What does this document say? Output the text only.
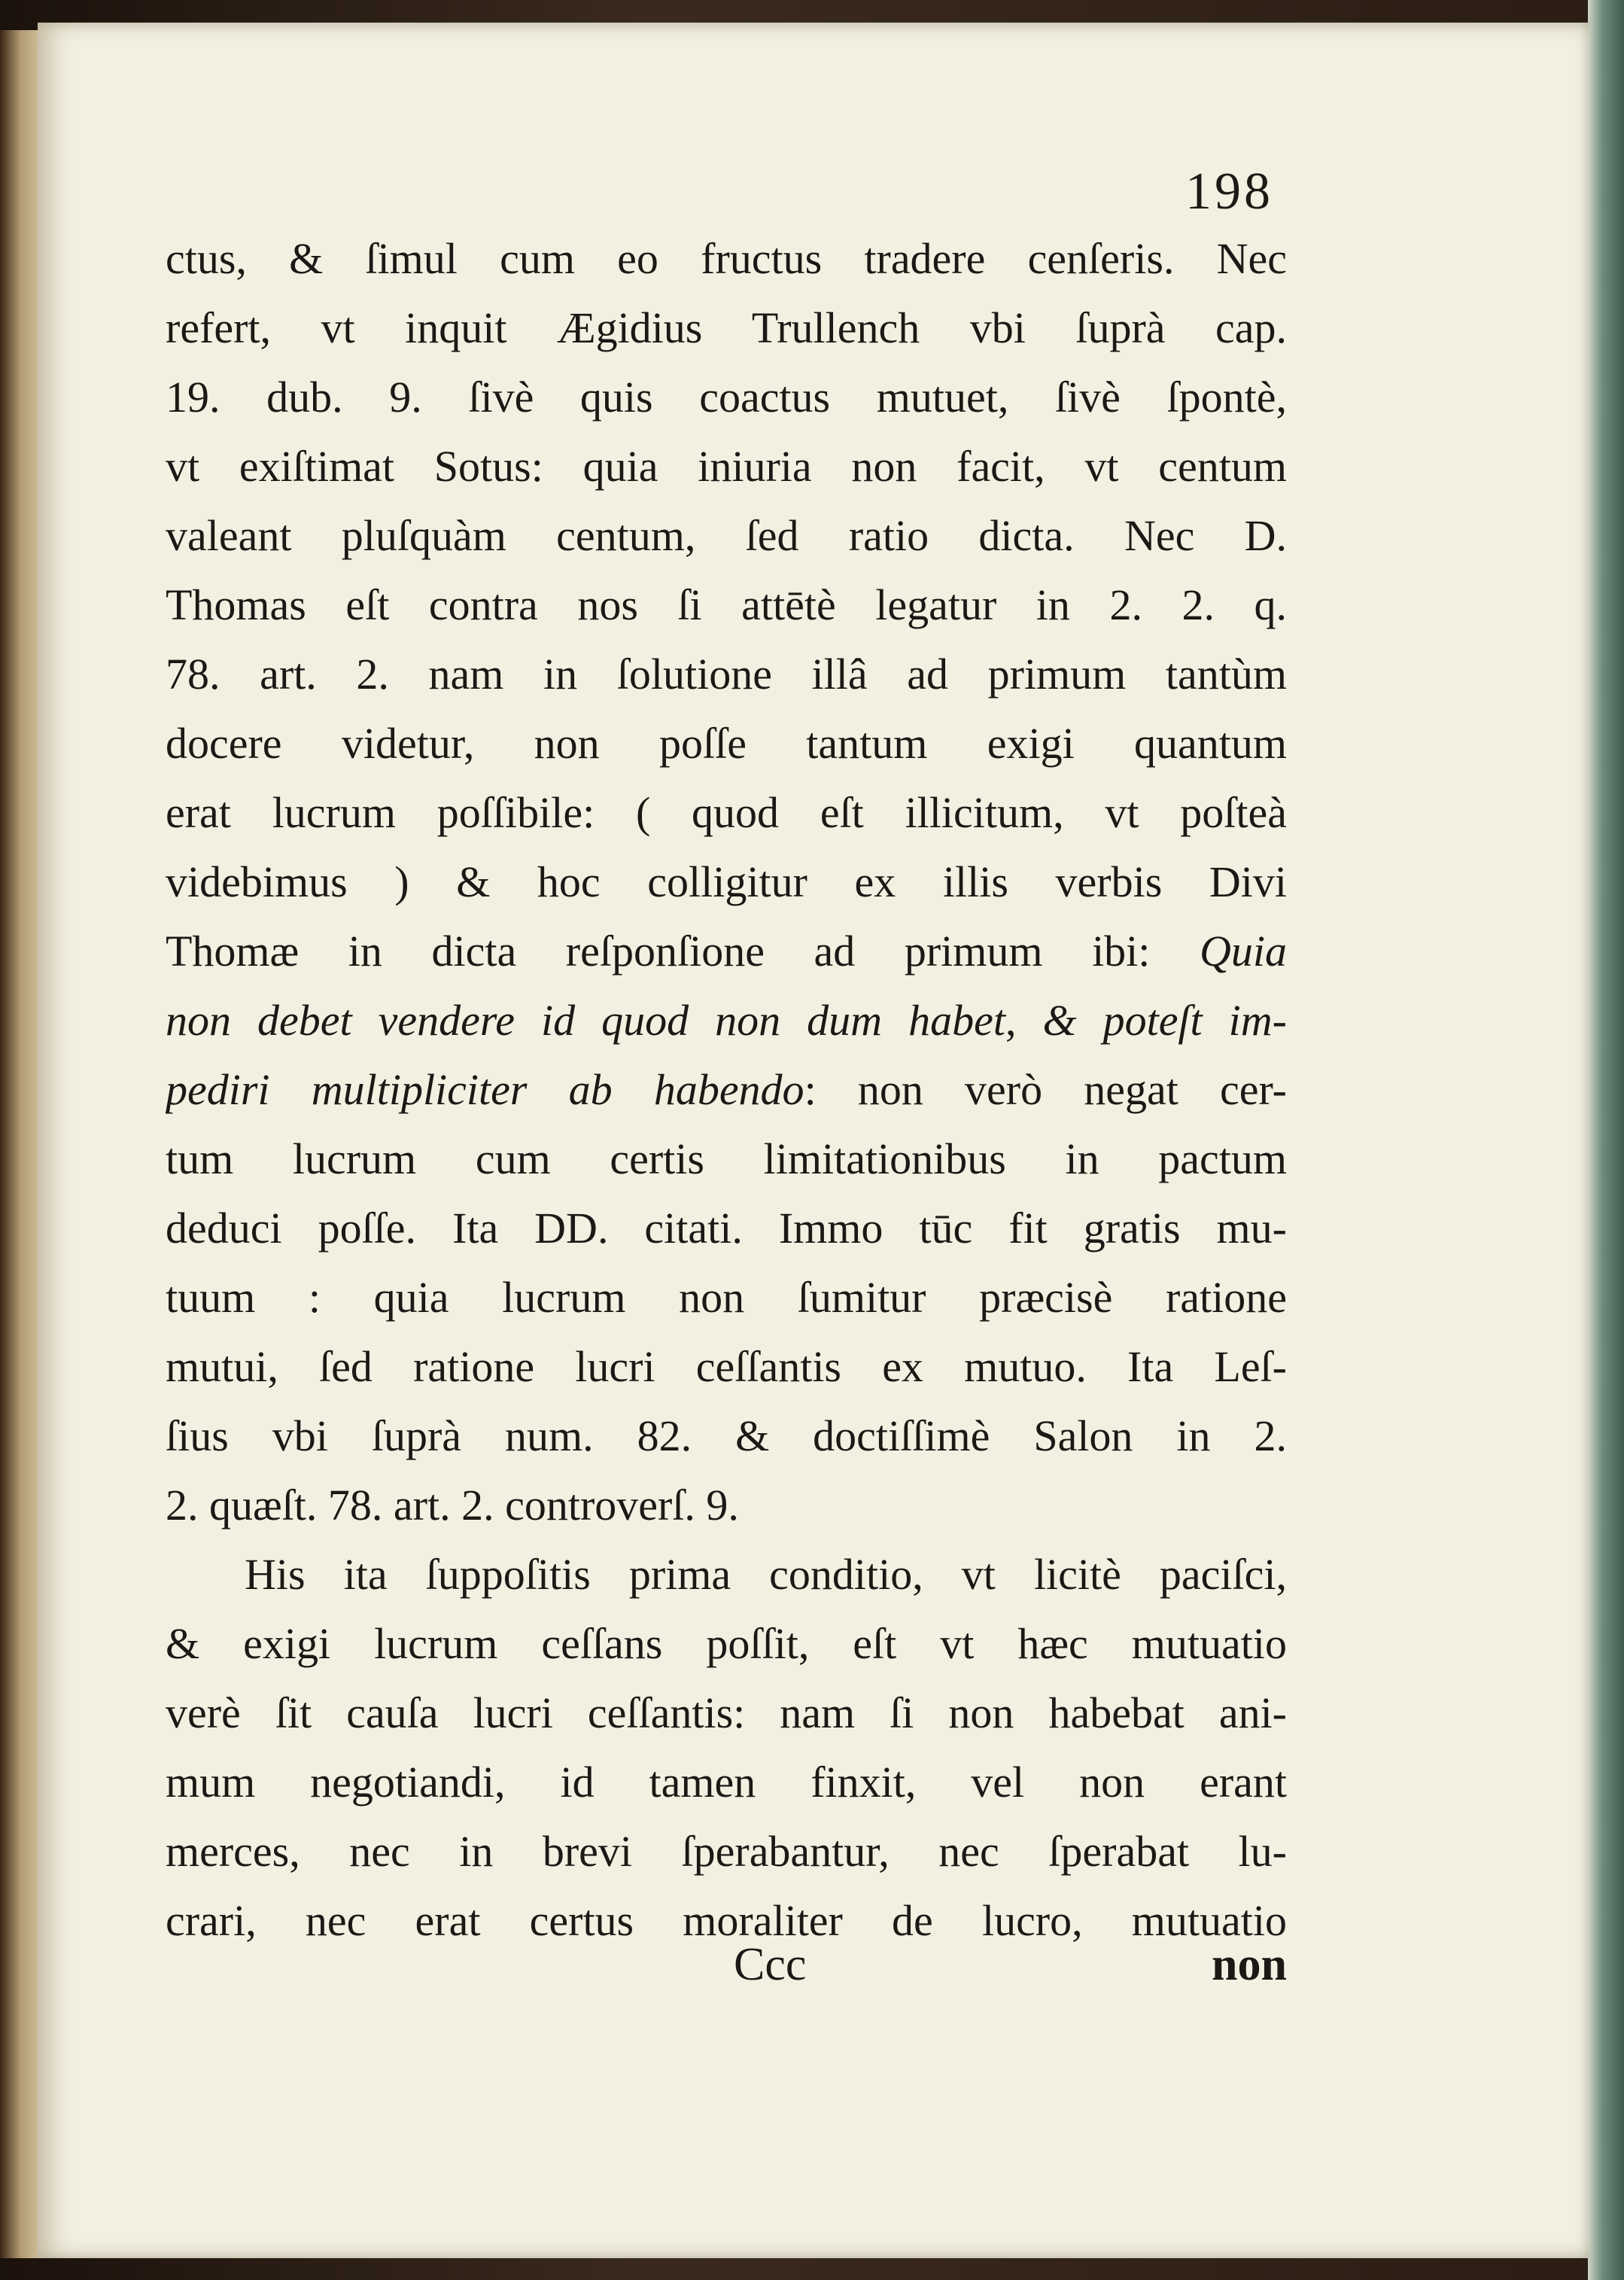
198
ctus, & ſimul cum eo fructus tradere cenſeris. Nec
refert, vt inquit Ægidius Trullench vbi ſuprà cap.
19. dub. 9. ſivè quis coactus mutuet, ſivè ſpontè,
vt exiſtimat Sotus: quia iniuria non facit, vt centum
valeant pluſquàm centum, ſed ratio dicta. Nec D.
Thomas eſt contra nos ſi attētè legatur in 2. 2. q.
78. art. 2. nam in ſolutione illâ ad primum tantùm
docere videtur, non poſſe tantum exigi quantum
erat lucrum poſſibile: ( quod eſt illicitum, vt poſteà
videbimus ) & hoc colligitur ex illis verbis Divi
Thomæ in dicta reſponſione ad primum ibi: Quia
non debet vendere id quod non dum habet, & poteſt im-
pediri multipliciter ab habendo: non verò negat cer-
tum lucrum cum certis limitationibus in pactum
deduci poſſe. Ita DD. citati. Immo tūc fit gratis mu-
tuum : quia lucrum non ſumitur præcisè ratione
mutui, ſed ratione lucri ceſſantis ex mutuo. Ita Leſ-
ſius vbi ſuprà num. 82. & doctiſſimè Salon in 2.
2. quæſt. 78. art. 2. controverſ. 9.
His ita ſuppoſitis prima conditio, vt licitè paciſci,
& exigi lucrum ceſſans poſſit, eſt vt hæc mutuatio
verè ſit cauſa lucri ceſſantis: nam ſi non habebat ani-
mum negotiandi, id tamen finxit, vel non erant
merces, nec in brevi ſperabantur, nec ſperabat lu-
crari, nec erat certus moraliter de lucro, mutuatio
Ccc	non
